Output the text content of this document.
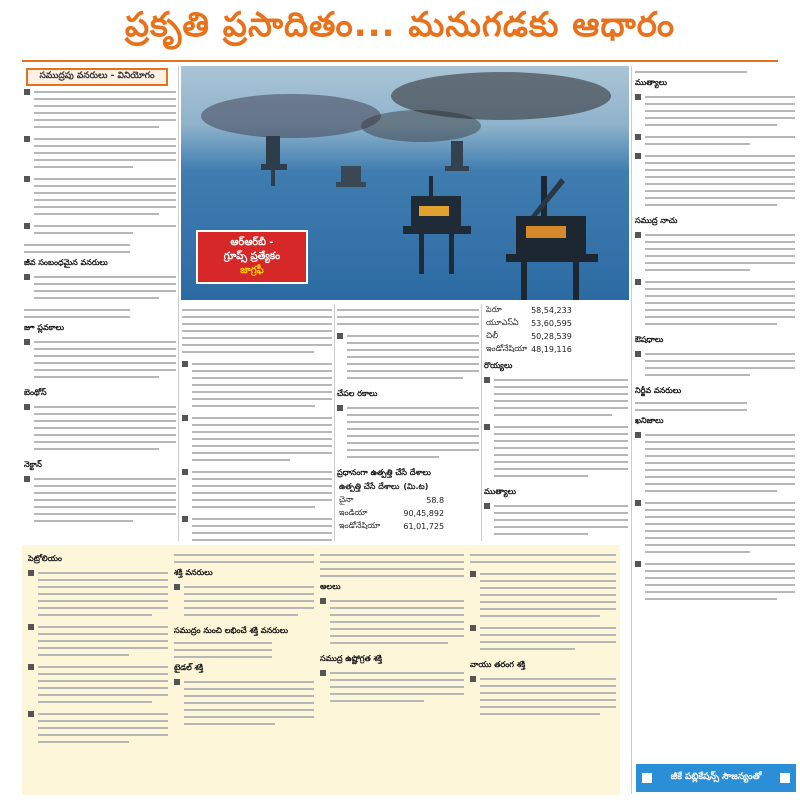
ప్రకృతి ప్రసాదితం... మనుగడకు ఆధారం
సముద్రపు వనరులు - వినియోగం
జీవ సంబంధమైన వనరులు
జూ ప్లవకాలు
బెంథోస్
నెక్టాన్
ఆర్‌ఆర్‌బీ -
గ్రూప్స్ ప్రత్యేకం
జాగ్రఫీ
చేపల రకాలు
ప్రధానంగా ఉత్పత్తి చేసే దేశాలు
ఉత్పత్తి చేసే దేశాలు	(మి.ట)
చైనా	58.8
ఇండియా	90,45,892
ఇండోనేషియా	61,01,725
పెరూ	58,54,233
యూఎస్ఏ	53,60,595
చిలీ	50,28,539
ఇండోనేషియా	48,19,116
రొయ్యలు
ముత్యాలు
ముత్యాలు
సముద్ర నాచు
ఔషధాలు
నిర్జీవ వనరులు
ఖనిజాలు
పెట్రోలియం
శక్తి వనరులు
సముద్రం నుంచి లభించే శక్తి వనరులు
టైడల్ శక్తి
అలలు
సముద్ర ఉష్ణోగ్రత శక్తి
వాయు తరంగ శక్తి
జీకే పబ్లికేషన్స్ సౌజన్యంతో
